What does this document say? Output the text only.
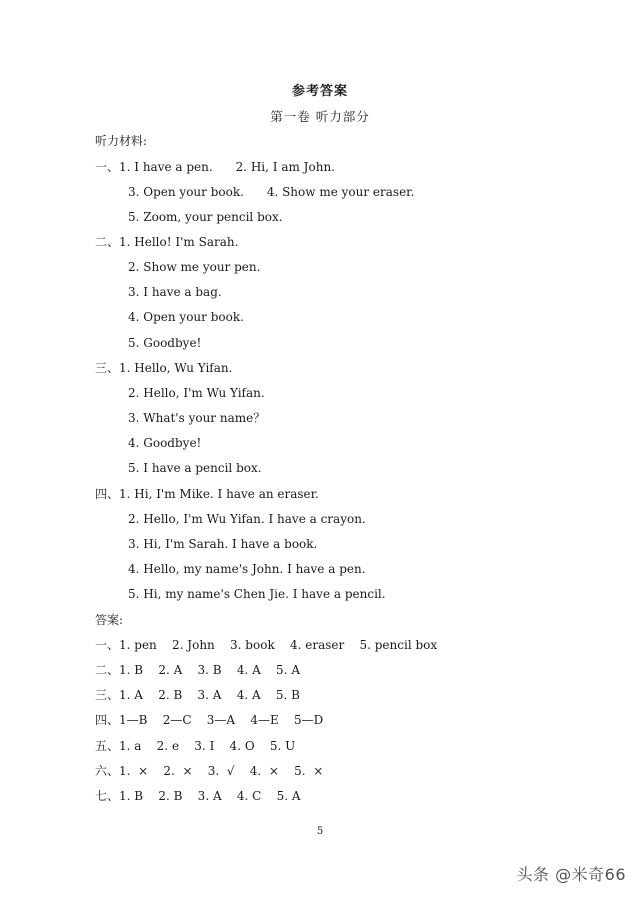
参考答案
第一卷 听力部分
听力材料:
一、1. I have a pen.      2. Hi, I am John.
3. Open your book.      4. Show me your eraser.
5. Zoom, your pencil box.
二、1. Hello! I'm Sarah.
2. Show me your pen.
3. I have a bag.
4. Open your book.
5. Goodbye!
三、1. Hello, Wu Yifan.
2. Hello, I'm Wu Yifan.
3. What's your name？
4. Goodbye!
5. I have a pencil box.
四、1. Hi, I'm Mike. I have an eraser.
2. Hello, I'm Wu Yifan. I have a crayon.
3. Hi, I'm Sarah. I have a book.
4. Hello, my name's John. I have a pen.
5. Hi, my name's Chen Jie. I have a pencil.
答案:
一、1. pen    2. John    3. book    4. eraser    5. pencil box
二、1. B    2. A    3. B    4. A    5. A
三、1. A    2. B    3. A    4. A    5. B
四、1—B    2—C    3—A    4—E    5—D
五、1. a    2. e    3. I    4. O    5. U
六、1.  ×    2.  ×    3.  √    4.  ×    5.  ×
七、1. B    2. B    3. A    4. C    5. A
5
头条 @米奇66
